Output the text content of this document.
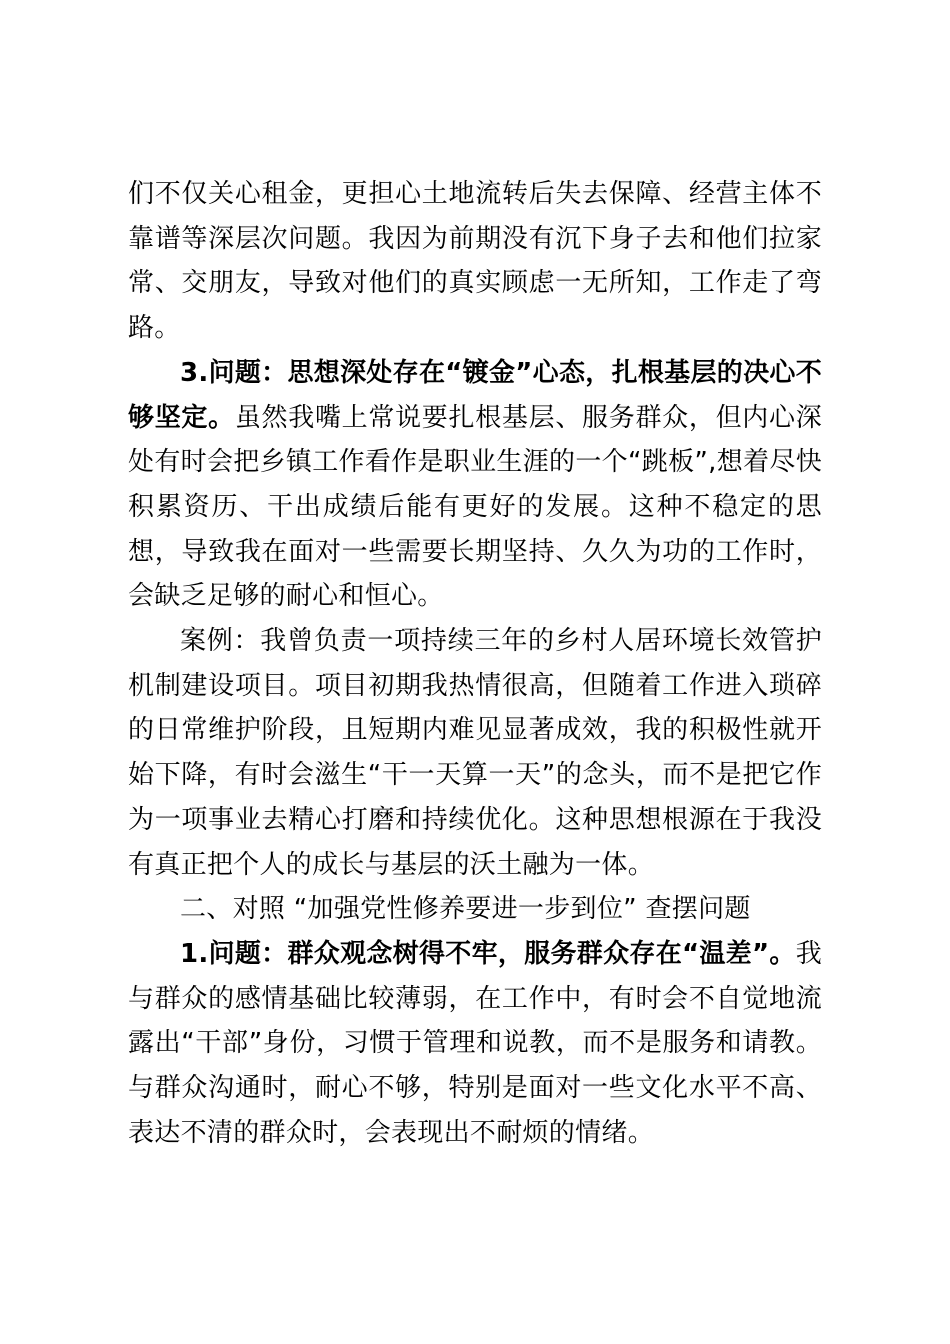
们不仅关心租金，更担心土地流转后失去保障、经营主体不靠谱等深层次问题。我因为前期没有沉下身子去和他们拉家常、交朋友，导致对他们的真实顾虑一无所知，工作走了弯路。

3.问题：思想深处存在“镀金”心态，扎根基层的决心不够坚定。虽然我嘴上常说要扎根基层、服务群众，但内心深处有时会把乡镇工作看作是职业生涯的一个“跳板”,想着尽快积累资历、干出成绩后能有更好的发展。这种不稳定的思想，导致我在面对一些需要长期坚持、久久为功的工作时，会缺乏足够的耐心和恒心。

案例：我曾负责一项持续三年的乡村人居环境长效管护机制建设项目。项目初期我热情很高，但随着工作进入琐碎的日常维护阶段，且短期内难见显著成效，我的积极性就开始下降，有时会滋生“干一天算一天”的念头，而不是把它作为一项事业去精心打磨和持续优化。这种思想根源在于我没有真正把个人的成长与基层的沃土融为一体。

二、对照 “加强党性修养要进一步到位” 查摆问题

1.问题：群众观念树得不牢，服务群众存在“温差”。我与群众的感情基础比较薄弱，在工作中，有时会不自觉地流露出“干部”身份，习惯于管理和说教，而不是服务和请教。与群众沟通时，耐心不够，特别是面对一些文化水平不高、表达不清的群众时，会表现出不耐烦的情绪。
